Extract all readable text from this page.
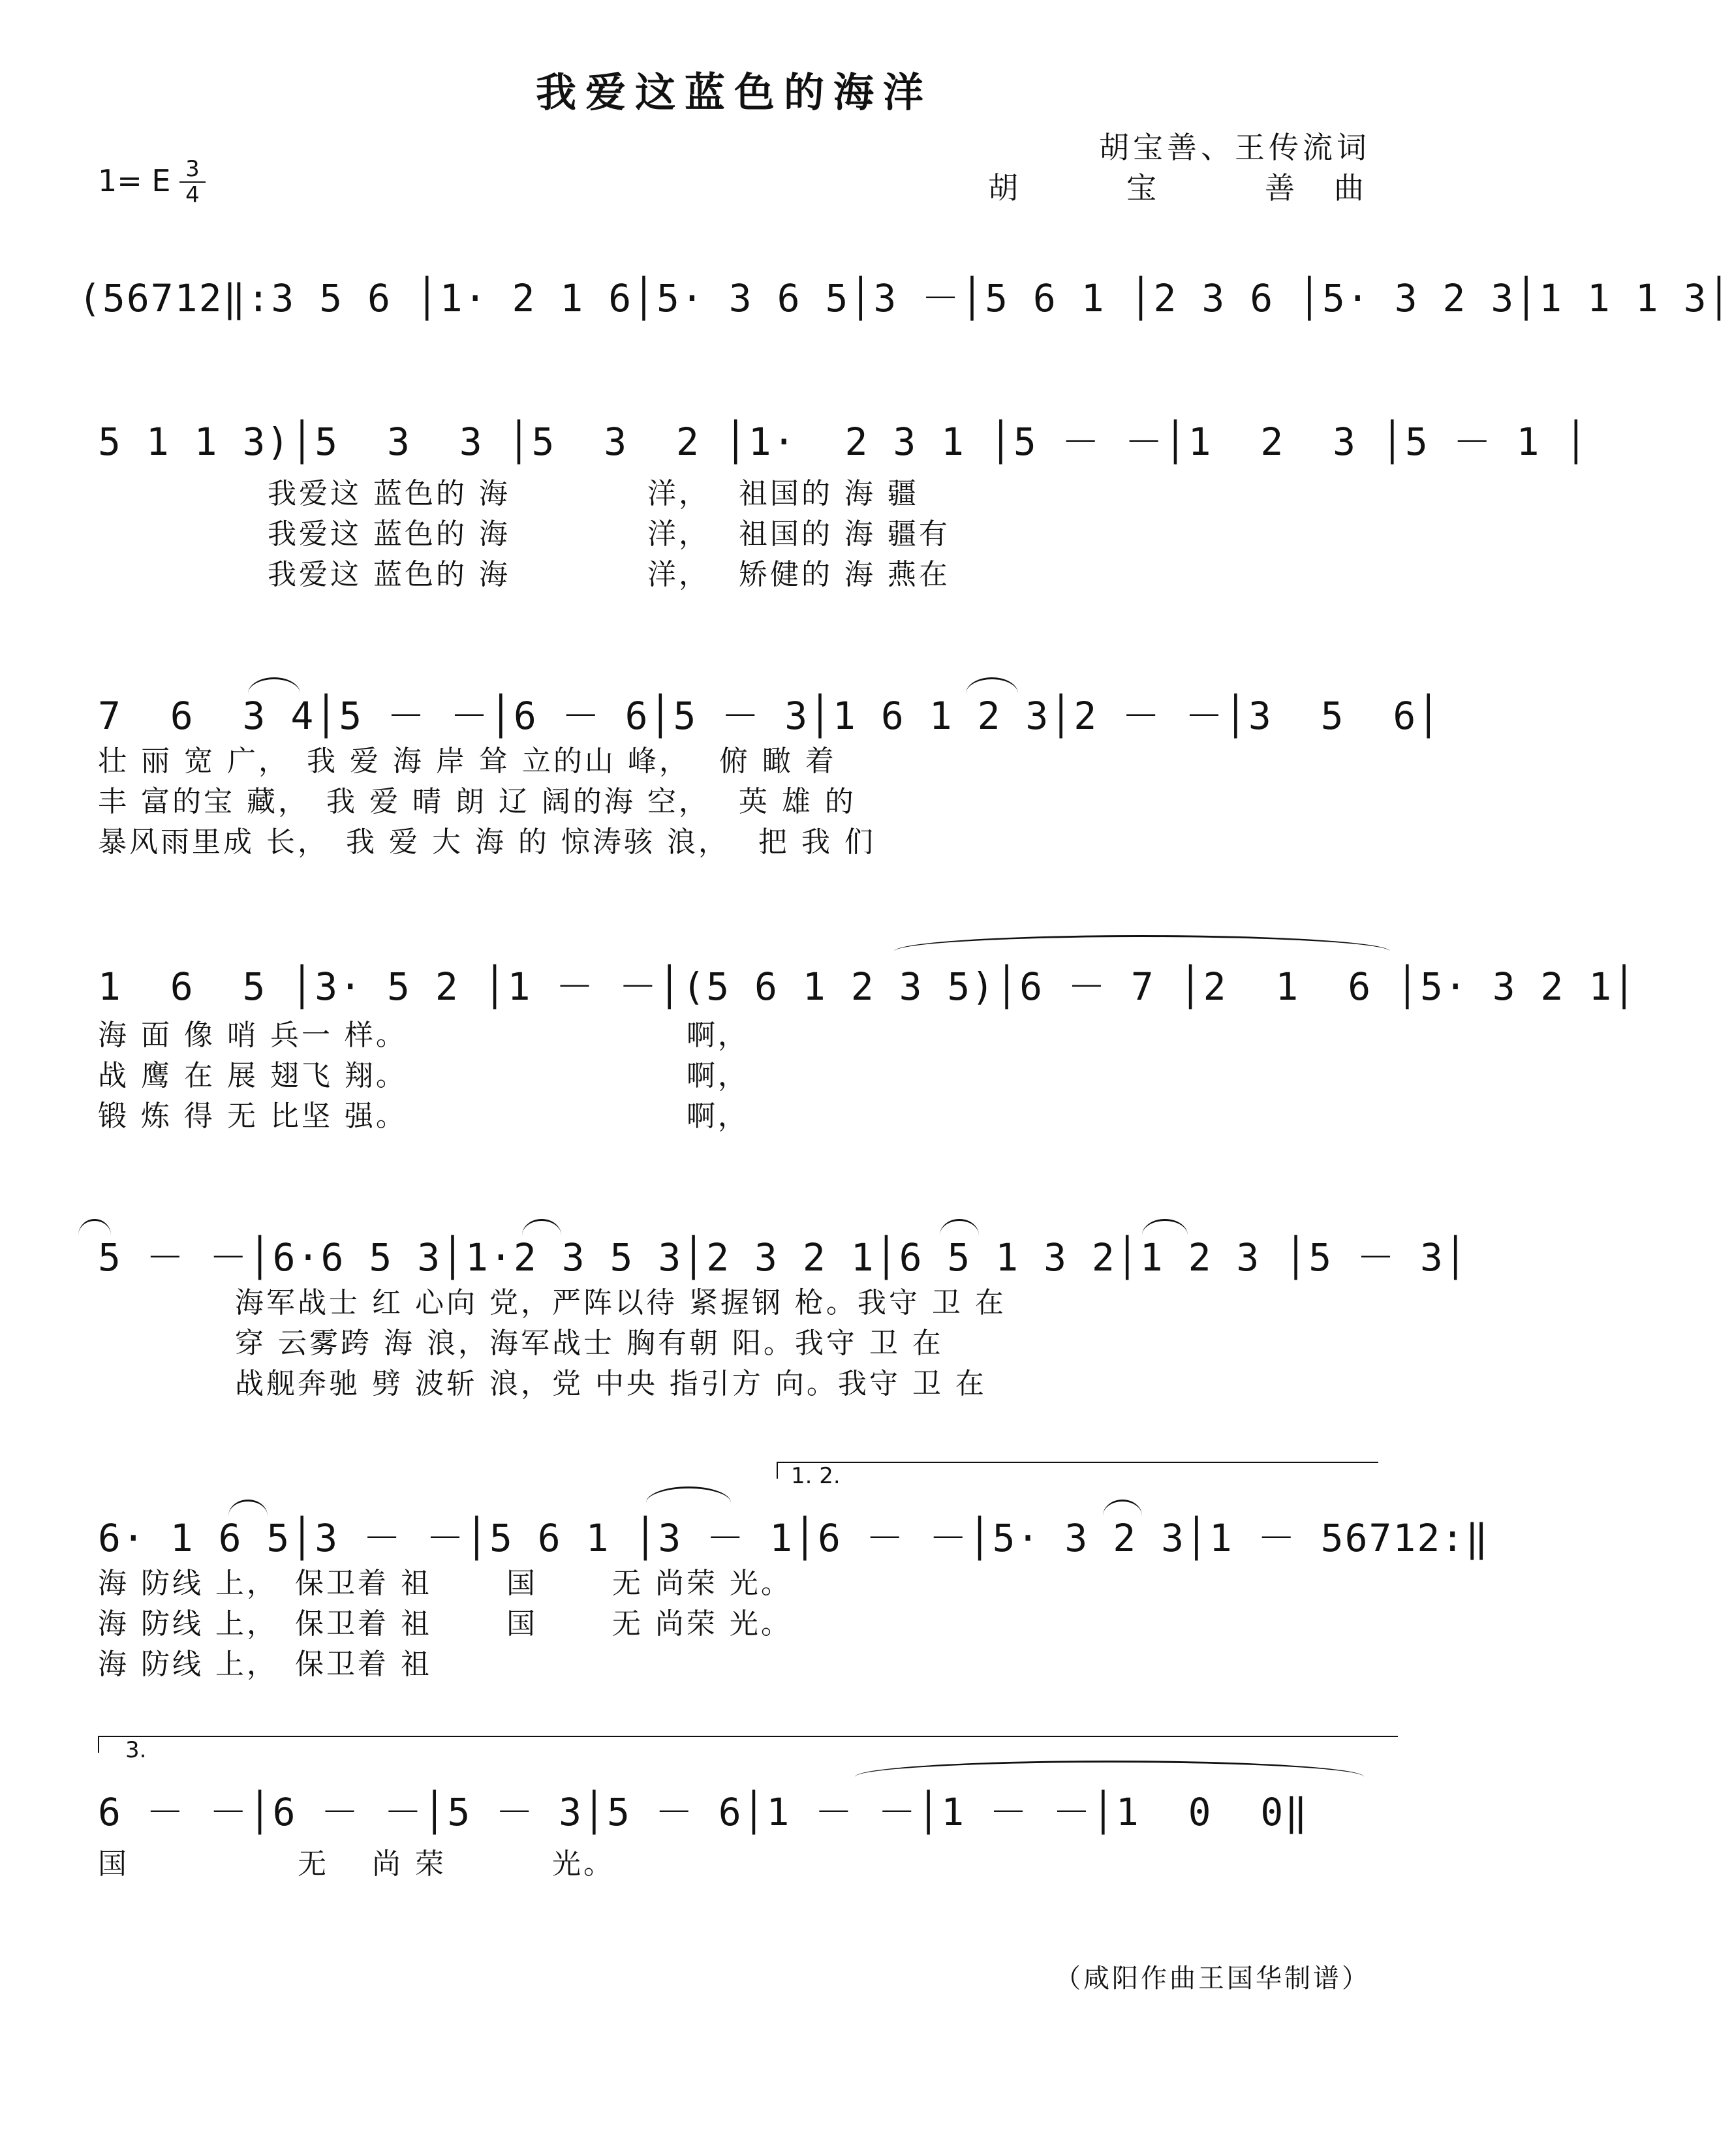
我爱这蓝色的海洋
胡宝善、王传流词
胡　宝　善曲
1= E 3
4
(56712‖:3 5 6 │1· 2 1 6│5· 3 6 5│3 －│5 6 1 │2 3 6 │5· 3 2 3│1 1 1 3│
5 1 1 3)│5  3  3 │5  3  2 │1·  2 3 1 │5 － －│1  2  3 │5 － 1 │
我爱这 蓝色的 海　　　　 洋，　 祖国的 海 疆
我爱这 蓝色的 海　　　　 洋，　 祖国的 海 疆有
我爱这 蓝色的 海　　　　 洋，　 矫健的 海 燕在
7  6  3 4│5 － －│6 － 6│5 － 3│1 6 1 2 3│2 － －│3  5  6│
壮 丽 宽 广，　我 爱 海 岸 耸 立的山 峰，　 俯 瞰 着
丰 富的宝 藏，　我 爱 晴 朗 辽 阔的海 空，　 英 雄 的
暴风雨里成 长，　我 爱 大 海 的 惊涛骇 浪，　 把 我 们
1  6  5 │3· 5 2 │1 － －│(5 6 1 2 3 5)│6 － 7 │2  1  6 │5· 3 2 1│
海 面 像 哨 兵一 样。　　　　　　　　　 啊，
战 鹰 在 展 翅飞 翔。　　　　　　　　　 啊，
锻 炼 得 无 比坚 强。　　　　　　　　　 啊，
5 － －│6·6 5 3│1·2 3 5 3│2 3 2 1│6 5 1 3 2│1 2 3 │5 － 3│
海军战士 红 心向 党，严阵以待 紧握钢 枪。我守 卫 在
穿 云雾跨 海 浪，海军战士 胸有朝 阳。我守 卫 在
战舰奔驰 劈 波斩 浪，党 中央 指引方 向。我守 卫 在
1. 2.
6· 1 6 5│3 － －│5 6 1 │3 － 1│6 － －│5· 3 2 3│1 － 56712:‖
海 防线 上，　保卫着 祖　　 国　　 无 尚荣 光。
海 防线 上，　保卫着 祖　　 国　　 无 尚荣 光。
海 防线 上，　保卫着 祖
3.
6 － －│6 － －│5 － 3│5 － 6│1 － －│1 － －│1  0  0‖
国　　　　　 无　 尚 荣　　　 光。
（咸阳作曲王国华制谱）
